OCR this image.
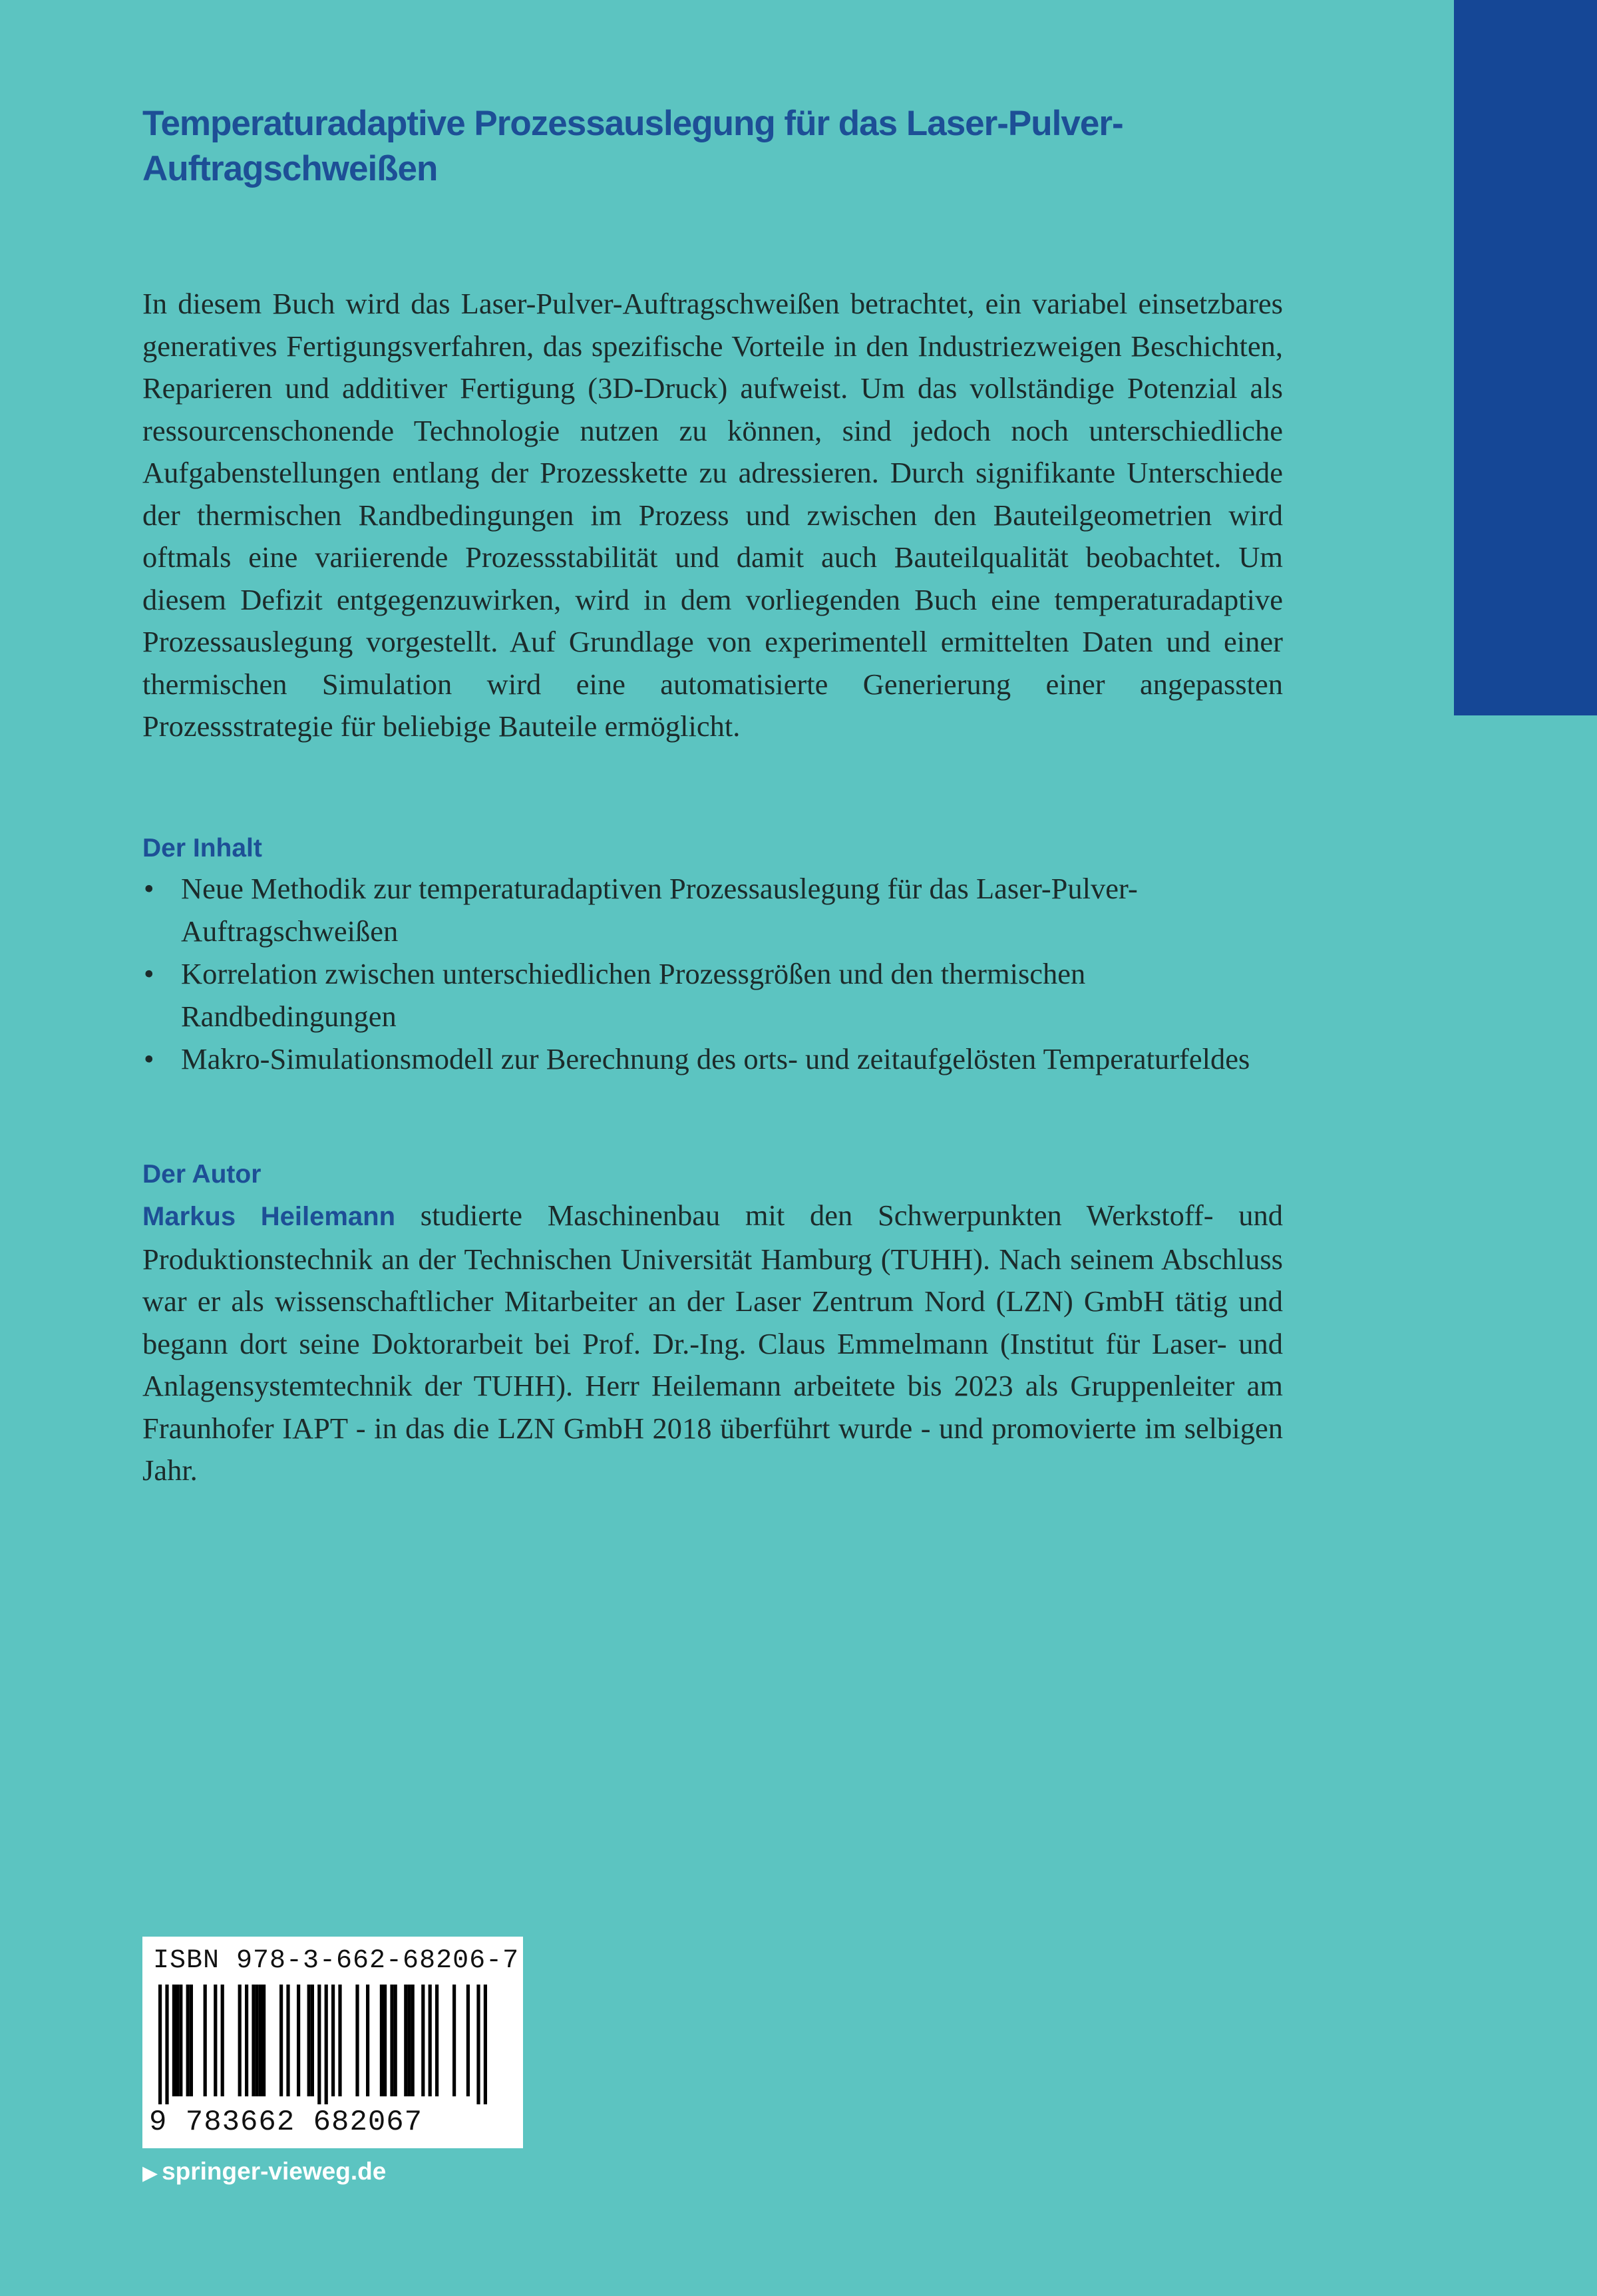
Temperaturadaptive Prozessauslegung für das Laser-Pulver-
Auftragschweißen

In diesem Buch wird das Laser-Pulver-Auftragschweißen betrachtet, ein variabel einsetzbares generatives Fertigungsverfahren, das spezifische Vorteile in den Industriezweigen Beschichten, Reparieren und additiver Fertigung (3D-Druck) aufweist. Um das vollständige Potenzial als ressourcenschonende Technologie nutzen zu können, sind jedoch noch unterschiedliche Aufgabenstellungen entlang der Prozesskette zu adressieren. Durch signifikante Unterschiede der thermischen Randbedingungen im Prozess und zwischen den Bauteilgeometrien wird oftmals eine variierende Prozessstabilität und damit auch Bauteilqualität beobachtet. Um diesem Defizit entgegenzuwirken, wird in dem vorliegenden Buch eine temperaturadaptive Prozessauslegung vorgestellt. Auf Grundlage von experimentell ermittelten Daten und einer thermischen Simulation wird eine automatisierte Generierung einer angepassten Prozessstrategie für beliebige Bauteile ermöglicht.

Der Inhalt
• Neue Methodik zur temperaturadaptiven Prozessauslegung für das Laser-Pulver-Auftragschweißen
• Korrelation zwischen unterschiedlichen Prozessgrößen und den thermischen Randbedingungen
• Makro-Simulationsmodell zur Berechnung des orts- und zeitaufgelösten Temperaturfeldes
Der Autor

Markus Heilemann studierte Maschinenbau mit den Schwerpunkten Werkstoff- und Produktionstechnik an der Technischen Universität Hamburg (TUHH). Nach seinem Abschluss war er als wissenschaftlicher Mitarbeiter an der Laser Zentrum Nord (LZN) GmbH tätig und begann dort seine Doktorarbeit bei Prof. Dr.-Ing. Claus Emmelmann (Institut für Laser- und Anlagensystemtechnik der TUHH). Herr Heilemann arbeitete bis 2023 als Gruppenleiter am Fraunhofer IAPT - in das die LZN GmbH 2018 überführt wurde - und promovierte im selbigen Jahr.

ISBN 978-3-662-68206-7
9 783662 682067
▶ springer-vieweg.de
